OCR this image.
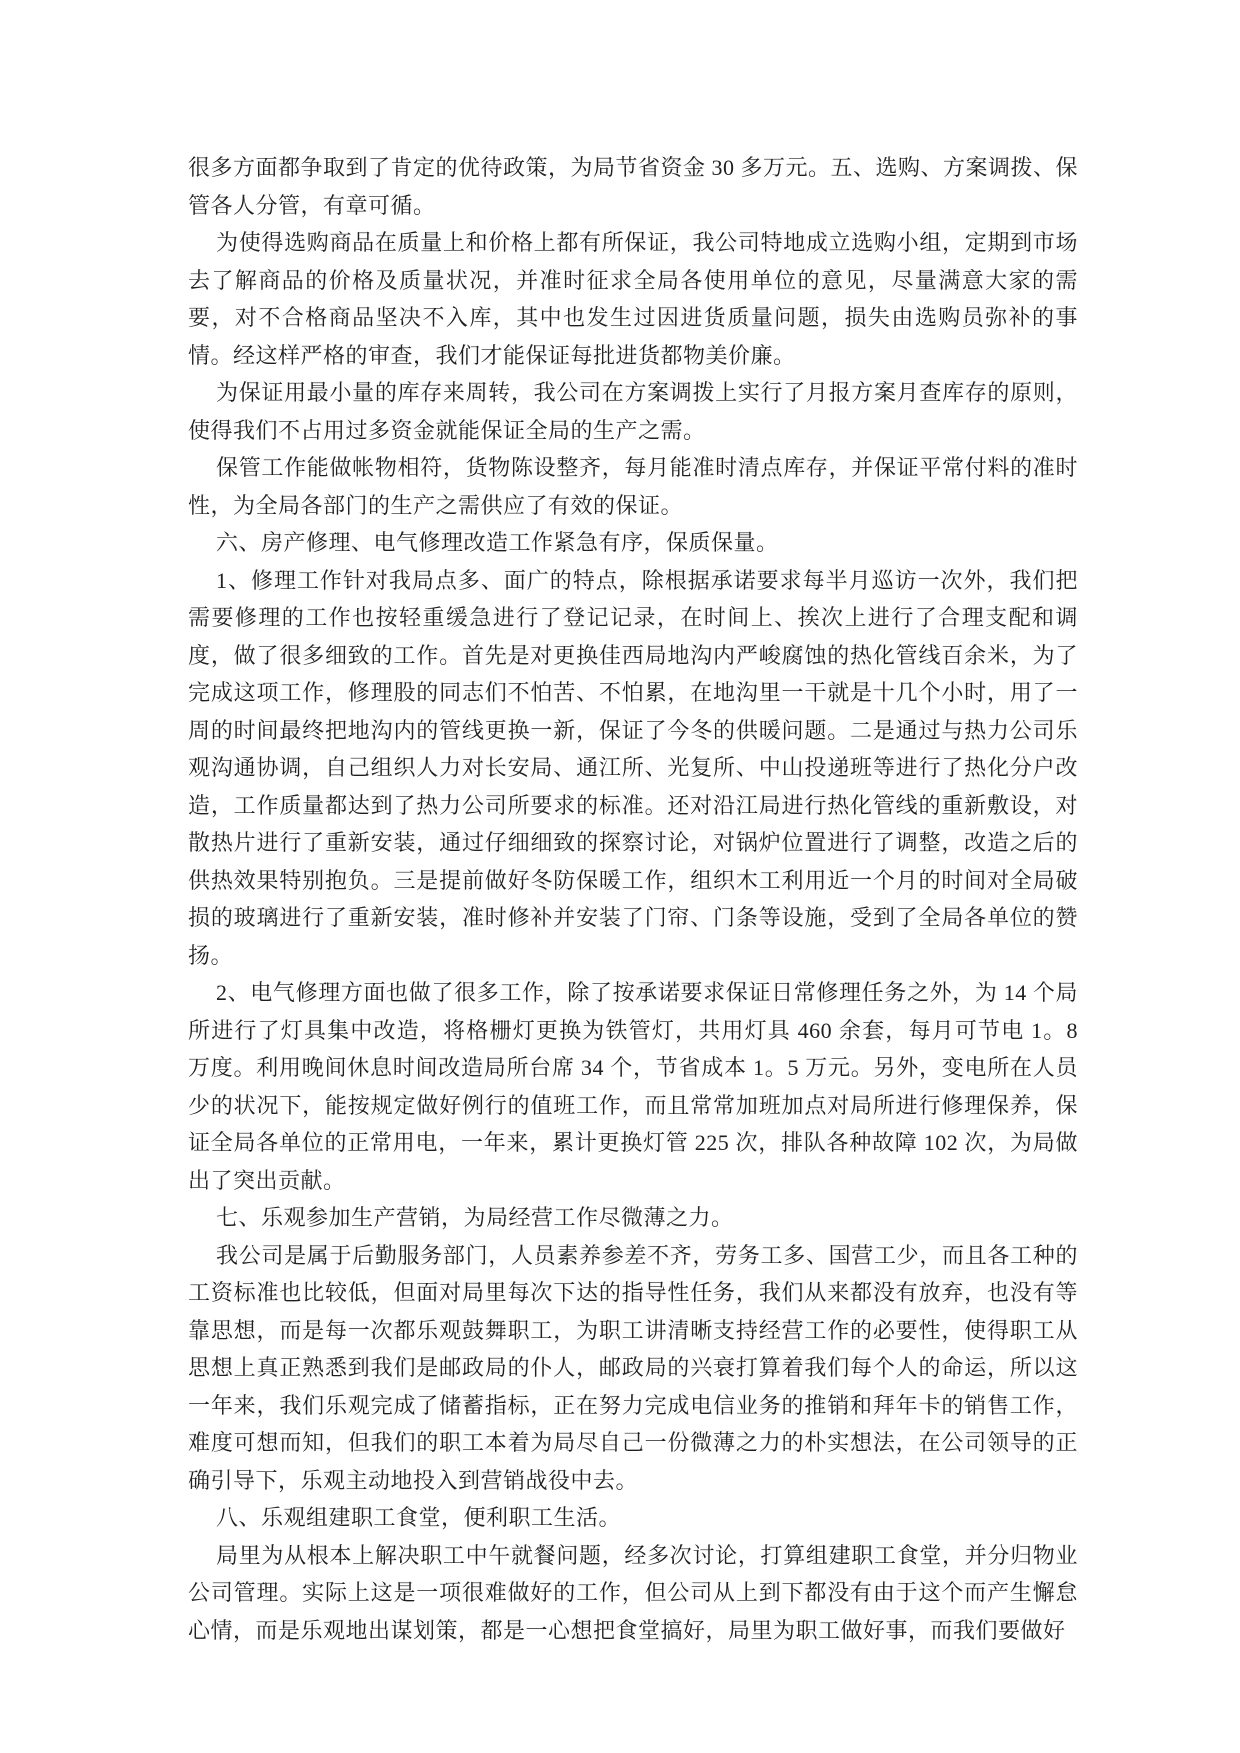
很多方面都争取到了肯定的优待政策，为局节省资金 30 多万元。五、选购、方案调拨、保管各人分管，有章可循。

为使得选购商品在质量上和价格上都有所保证，我公司特地成立选购小组，定期到市场去了解商品的价格及质量状况，并准时征求全局各使用单位的意见，尽量满意大家的需要，对不合格商品坚决不入库，其中也发生过因进货质量问题，损失由选购员弥补的事情。经这样严格的审查，我们才能保证每批进货都物美价廉。

为保证用最小量的库存来周转，我公司在方案调拨上实行了月报方案月查库存的原则，使得我们不占用过多资金就能保证全局的生产之需。

保管工作能做帐物相符，货物陈设整齐，每月能准时清点库存，并保证平常付料的准时性，为全局各部门的生产之需供应了有效的保证。

六、房产修理、电气修理改造工作紧急有序，保质保量。

1、修理工作针对我局点多、面广的特点，除根据承诺要求每半月巡访一次外，我们把需要修理的工作也按轻重缓急进行了登记记录，在时间上、挨次上进行了合理支配和调度，做了很多细致的工作。首先是对更换佳西局地沟内严峻腐蚀的热化管线百余米，为了完成这项工作，修理股的同志们不怕苦、不怕累，在地沟里一干就是十几个小时，用了一周的时间最终把地沟内的管线更换一新，保证了今冬的供暖问题。二是通过与热力公司乐观沟通协调，自己组织人力对长安局、通江所、光复所、中山投递班等进行了热化分户改造，工作质量都达到了热力公司所要求的标准。还对沿江局进行热化管线的重新敷设，对散热片进行了重新安装，通过仔细细致的探察讨论，对锅炉位置进行了调整，改造之后的供热效果特别抱负。三是提前做好冬防保暖工作，组织木工利用近一个月的时间对全局破损的玻璃进行了重新安装，准时修补并安装了门帘、门条等设施，受到了全局各单位的赞扬。

2、电气修理方面也做了很多工作，除了按承诺要求保证日常修理任务之外，为 14 个局所进行了灯具集中改造，将格栅灯更换为铁管灯，共用灯具 460 余套，每月可节电 1。8 万度。利用晚间休息时间改造局所台席 34 个，节省成本 1。5 万元。另外，变电所在人员少的状况下，能按规定做好例行的值班工作，而且常常加班加点对局所进行修理保养，保证全局各单位的正常用电，一年来，累计更换灯管 225 次，排队各种故障 102 次，为局做出了突出贡献。

七、乐观参加生产营销，为局经营工作尽微薄之力。

我公司是属于后勤服务部门，人员素养参差不齐，劳务工多、国营工少，而且各工种的工资标准也比较低，但面对局里每次下达的指导性任务，我们从来都没有放弃，也没有等靠思想，而是每一次都乐观鼓舞职工，为职工讲清晰支持经营工作的必要性，使得职工从思想上真正熟悉到我们是邮政局的仆人，邮政局的兴衰打算着我们每个人的命运，所以这一年来，我们乐观完成了储蓄指标，正在努力完成电信业务的推销和拜年卡的销售工作，难度可想而知，但我们的职工本着为局尽自己一份微薄之力的朴实想法，在公司领导的正确引导下，乐观主动地投入到营销战役中去。

八、乐观组建职工食堂，便利职工生活。

局里为从根本上解决职工中午就餐问题，经多次讨论，打算组建职工食堂，并分归物业公司管理。实际上这是一项很难做好的工作，但公司从上到下都没有由于这个而产生懈怠心情，而是乐观地出谋划策，都是一心想把食堂搞好，局里为职工做好事，而我们要做好
